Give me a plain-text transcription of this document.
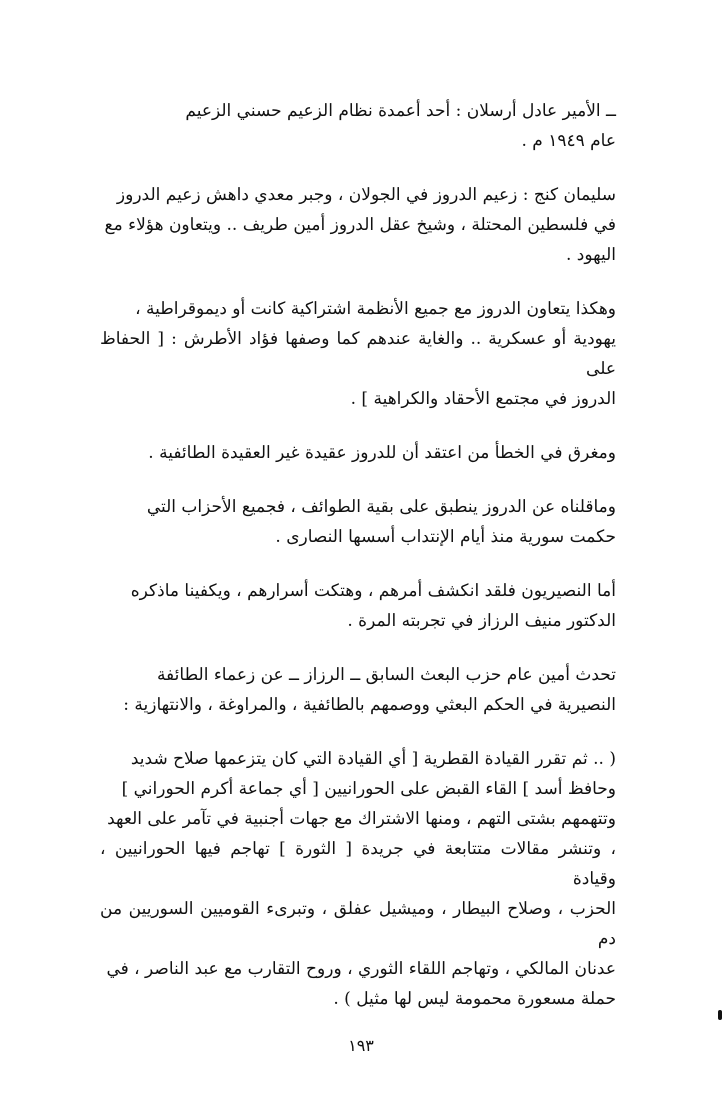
ــ الأمير عادل أرسلان : أحد أعمدة نظام الزعيم حسني الزعيم
عام ١٩٤٩ م .

سليمان كنج : زعيم الدروز في الجولان ، وجبر معدي داهش زعيم الدروز
في فلسطين المحتلة ، وشيخ عقل الدروز أمين طريف .. ويتعاون هؤلاء مع
اليهود .

وهكذا يتعاون الدروز مع جميع الأنظمة اشتراكية كانت أو ديموقراطية ،
يهودية أو عسكرية .. والغاية عندهم كما وصفها فؤاد الأطرش : [ الحفاظ على
الدروز في مجتمع الأحقاد والكراهية ] .

ومغرق في الخطأ من اعتقد أن للدروز عقيدة غير العقيدة الطائفية .

وماقلناه عن الدروز ينطبق على بقية الطوائف ، فجميع الأحزاب التي
حكمت سورية منذ أيام الإنتداب أسسها النصارى .

أما النصيريون فلقد انكشف أمرهم ، وهتكت أسرارهم ، ويكفينا ماذكره
الدكتور منيف الرزاز في تجربته المرة .

تحدث أمين عام حزب البعث السابق ــ الرزاز ــ عن زعماء الطائفة
النصيرية في الحكم البعثي ووصمهم بالطائفية ، والمراوغة ، والانتهازية :

( .. ثم تقرر القيادة القطرية [ أي القيادة التي كان يتزعمها صلاح شديد
وحافظ أسد ] القاء القبض على الحورانيين [ أي جماعة أكرم الحوراني ]
وتتهمهم بشتى التهم ، ومنها الاشتراك مع جهات أجنبية في تآمر على العهد
، وتنشر مقالات متتابعة في جريدة [ الثورة ] تهاجم فيها الحورانيين ، وقيادة
الحزب ، وصلاح البيطار ، وميشيل عفلق ، وتبرىء القوميين السوريين من دم
عدنان المالكي ، وتهاجم اللقاء الثوري ، وروح التقارب مع عبد الناصر ، في
حملة مسعورة محمومة ليس لها مثيل ) .

١٩٣
